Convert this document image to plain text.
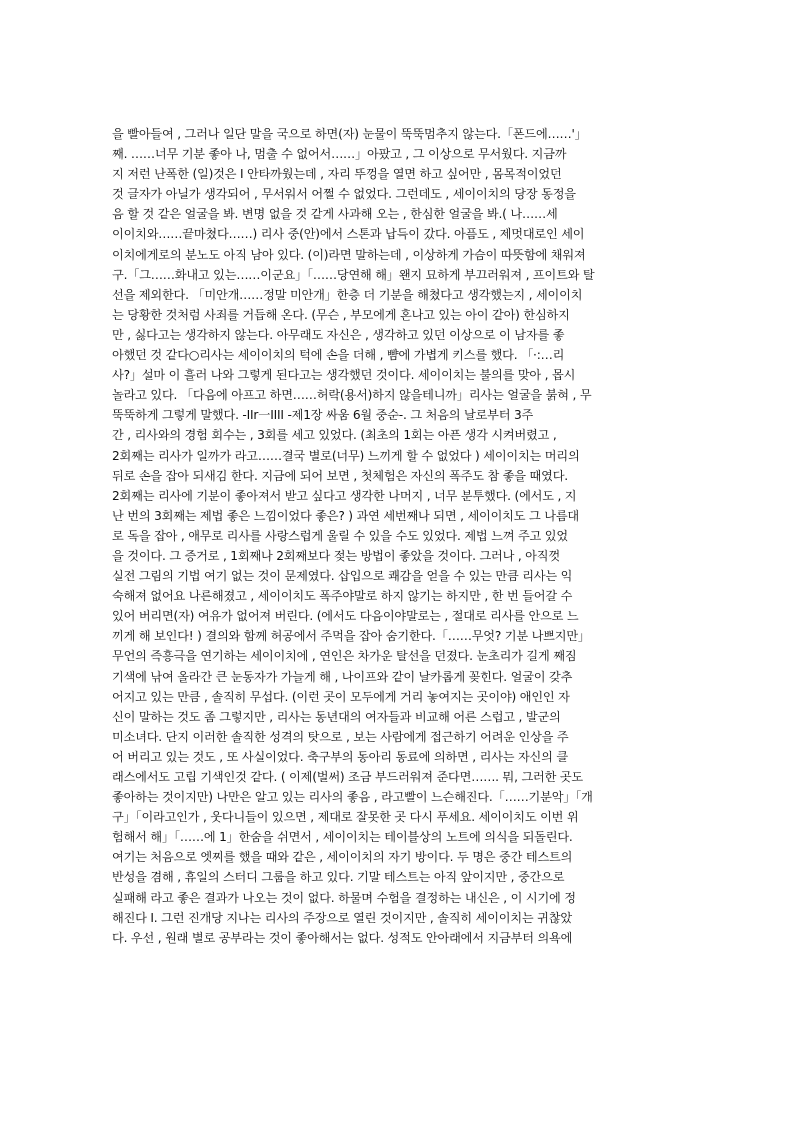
을 빨아들여 , 그러나 일단 말을 국으로 하면(자) 눈물이 뚝뚝멈추지 않는다.「폰드에……'」
째. ……너무 기분 좋아 나, 멈출 수 없어서……」아팠고 , 그 이상으로 무서웠다. 지금까
지 저런 난폭한 (일)것은 I 안타까웠는데 , 자리 뚜껑을 열면 하고 싶어만 , 몸목적이었던
것 글자가 아닐가 생각되어 , 무서워서 어쩔 수 없었다. 그런데도 , 세이이치의 당장 동정을
음 할 것 같은 얼굴을 봐. 변명 없을 것 같게 사과해 오는 , 한심한 얼굴을 봐.( 나……세
이이치와……끝마쳤다……) 리사 중(안)에서 스톤과 납득이 갔다. 아픔도 , 제멋대로인 세이
이치에게로의 분노도 아직 남아 있다. (이)라면 말하는데 , 이상하게 가슴이 따뜻함에 채워져
구.「그……화내고 있는……이군요」「……당연해 해」왠지 묘하게 부끄러워져 , 프이트와 탈
선을 제외한다. 「미안개……정말 미안개」한층 더 기분을 해쳤다고 생각했는지 , 세이이치
는 당황한 것처럼 사죄를 거듭해 온다. (무슨 , 부모에게 혼나고 있는 아이 같아) 한심하지
만 , 싫다고는 생각하지 않는다. 아무래도 자신은 , 생각하고 있던 이상으로 이 남자를 좋
아했던 것 같다○리사는 세이이치의 턱에 손을 더해 , 뺨에 가볍게 키스를 했다. 「·:…리
사?」설마 이 흘러 나와 그렇게 된다고는 생각했던 것이다. 세이이치는 불의를 맞아 , 몹시
놀라고 있다. 「다음에 아프고 하면……허락(용서)하지 않을테니까」리사는 얼굴을 붉혀 , 무
뚝뚝하게 그렇게 말했다. -IIr一IIII -제1장 싸움 6월 중순-. 그 처음의 날로부터 3주
간 , 리사와의 경험 회수는 , 3회를 세고 있었다. (최초의 1회는 아픈 생각 시켜버렸고 ,
2회째는 리사가 일까가 라고……결국 별로(너무) 느끼게 할 수 없었다 ) 세이이치는 머리의
뒤로 손을 잡아 되새김 한다. 지금에 되어 보면 , 첫체험은 자신의 폭주도 참 좋을 때였다.
2회째는 리사에 기분이 좋아져서 받고 싶다고 생각한 나머지 , 너무 분투했다. (에서도 , 지
난 번의 3회째는 제법 좋은 느낌이었다 좋은? ) 과연 세번째나 되면 , 세이이치도 그 나름대
로 독을 잡아 , 애무로 리사를 사랑스럽게 울릴 수 있을 수도 있었다. 제법 느껴 주고 있었
을 것이다. 그 증거로 , 1회째나 2회째보다 젖는 방법이 좋았을 것이다. 그러나 , 아직껏
실전 그림의 기법 여기 없는 것이 문제였다. 삽입으로 쾌감을 얻을 수 있는 만큼 리사는 익
숙해져 없어요 나른해졌고 , 세이이치도 폭주야말로 하지 않기는 하지만 , 한 번 들어갈 수
있어 버리면(자) 여유가 없어져 버린다. (에서도 다음이야말로는 , 절대로 리사를 안으로 느
끼게 해 보인다! ) 결의와 함께 허공에서 주먹을 잡아 숨기한다.「……무엇? 기분 나쁘지만」
무언의 즉흥극을 연기하는 세이이치에 , 연인은 차가운 탈선을 던졌다. 눈초리가 길게 째짐
기색에 낚여 올라간 큰 눈동자가 가늘게 해 , 나이프와 같이 날카롭게 꽂힌다. 얼굴이 갖추
어지고 있는 만큼 , 솔직히 무섭다. (이런 곳이 모두에게 거리 놓여지는 곳이야) 애인인 자
신이 말하는 것도 좀 그렇지만 , 리사는 동년대의 여자들과 비교해 어른 스럽고 , 발군의
미소녀다. 단지 이러한 솔직한 성격의 탓으로 , 보는 사람에게 접근하기 어려운 인상을 주
어 버리고 있는 것도 , 또 사실이었다. 축구부의 동아리 동료에 의하면 , 리사는 자신의 클
래스에서도 고립 기색인것 같다. ( 이제(벌써) 조금 부드러워져 준다면……. 뭐, 그러한 곳도
좋아하는 것이지만) 나만은 알고 있는 리사의 좋음 , 라고빨이 느슨해진다.「……기분악」「개
구」「이라고인가 , 웃다니들이 있으면 , 제대로 잘못한 곳 다시 푸세요. 세이이치도 이번 위
험해서 해」「……에 1」한숨을 쉬면서 , 세이이치는 테이블상의 노트에 의식을 되돌린다.
여기는 처음으로 엣찌를 했을 때와 같은 , 세이이치의 자기 방이다. 두 명은 중간 테스트의
반성을 겸해 , 휴일의 스터디 그룹을 하고 있다. 기말 테스트는 아직 앞이지만 , 중간으로
실패해 라고 좋은 결과가 나오는 것이 없다. 하물며 수험을 결정하는 내신은 , 이 시기에 정
해진다 I. 그런 진개당 지나는 리사의 주장으로 열린 것이지만 , 솔직히 세이이치는 귀찮았
다. 우선 , 원래 별로 공부라는 것이 좋아해서는 없다. 성적도 안아래에서 지금부터 의욕에
